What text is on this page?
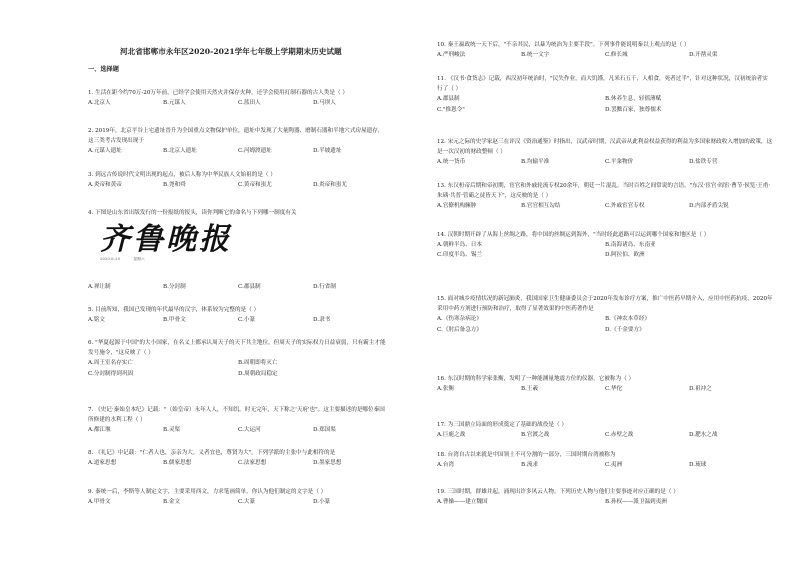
河北省邯郸市永年区2020-2021学年七年级上学期期末历史试题
一、选择题
1. 生活在距今约70万-20万年前，已经学会使用天然火并保存火种，还学会使用打制石器的古人类是（ ）
A.北京人	B.元谋人	C.蓝田人	D.马坝人
2. 2019年，北京平谷上宅遗址晋升为全国重点文物保护单位，遗址中发现了大量陶器、磨制石器和半地穴式房屋遗存，这三类考古发现出现于
A.元谋人遗址	B.北京人遗址	C.河姆渡遗址	D.半坡遗址
3. 到远古传说时代文明出现的起点，被后人称为中华民族人文始祖的是（ ）
A.炎帝和黄帝	B.尧和舜	C.黄帝和蚩尤	D.炎帝和蚩尤
4. 下图是山东省出版发行的一份报纸的报头，读你判断它的命名与下列哪一制度有关
A.禅让制	B.分封制	C.郡县制	D.行省制
5. 目前所知，我国已发现的年代最早的汉字，体系较为完整的是（ ）
A.铭文	B.甲骨文	C.小篆	D.隶书
6. "华夏起源于中国"的大小国家，在名义上都承认周天子的天下共主地位，但周天子的实际权力日益衰弱，只有霸主才能发号施令，"这反映了（ ）
A.周王室名存实亡	B.周朝即将灭亡
C.分封制得到巩固	D.周朝政局稳定
7. 《史记·秦始皇本纪》记载："（始皇帝）永年人人，不知饥。时无完年，天下称之'天府'也"。这主要描述的是哪位秦国所修建的水利工程（ ）
A.都江堰	B.灵渠	C.大运河	D.郑国渠
8. 《礼记》中记载："仁者人也，亲亲为大。义者宜也，尊贤为大"。下列学派的主张中与此相符的是
A.道家思想	B.儒家思想	C.法家思想	D.墨家思想
9. 秦统一后，李斯等人制定文字，主要采用西文，力求笔画简单，你认为他们制定的文字是（ ）
A.甲骨文	B.金文	C.大篆	D.小篆
10. 秦王嬴政统一天下后，"不亲其民，以暴为统治为主要手段"。下列事件能说明秦以上观点的是（ ）
A.严刑峻法	B.统一文字	C.修长城	D.开凿灵渠
11. 《汉书·食货志》记载，西汉初年统治时，"民失作业，而大饥馑，凡米石五千，人相食，死者过半"，针对这种状况，汉初统治者实行了（ ）
A.郡县制	B.休养生息，轻徭薄赋
C."推恩令"	D.罢黜百家，独尊儒术
12. 宋元之际的史学家赵三在评汉《资治通鉴》时指出，汉武帝时期，汉武帝从此利益权益获得的利益为多国家财政收入增加的政策，这是一次汉初的财政整顿（ ）
A.统一货币	B.均输平准	C.平籴物价	D.盐铁专营
13. 东汉桓帝后期和帝初期，宦官和外戚轮流专权20余年，朝廷一片混乱。当时百姓之间常说的言语，"东汉·宦官·阎宦·曹节·侯览·王甫·朱瑀·共普·管霸之徒皆天下"，这反映的是（ ）
A.官僚机构臃肿	B.官官相互勾结	C.外戚宦官专权	D.内部矛盾尖锐
14. 汉朝时期开辟了从海上丝绸之路，将中国的丝绸运到海外，"当时经此道路可以运到哪个国家和地区是（ ）
A.朝鲜半岛、日本	B.南海诸岛、东南亚
C.印度半岛、锡兰	D.阿拉伯、欧洲
15. 面对城乡疫情状况的新冠肺炎，我国国家卫生健康委员会于2020年发布诊疗方案，推广中医药早期介入，应用中医药抗疫，2020年采用中药方剂进行预防和治疗，取得了显著效果的中医药著作是
A.《伤寒杂病论》	B.《神农本草经》
C.《肘后备急方》	D.《千金要方》
16. 东汉时期的科学家张衡，发明了一种能测量地震方位的仪器，它被称为（ ）
A.张衡	B.王羲	C.华佗	D.祖冲之
17. 为三国鼎立局面的形成奠定了基础的战役是（ ）
A.巨鹿之战	B.官渡之战	C.赤壁之战	D.淝水之战
18. 台湾自古以来就是中国领土不可分割的一部分，三国时期台湾被称为
A.台湾	B.流求	C.夷洲	D.琉球
19. 三国时期，群雄并起，涌现出许多风云人物。下列历史人物与他们主要事迹对应正确的是（ ）
A.曹操——建立魏国	B.孙权——派卫温到夷洲
齐鲁晚报
2020.6.20	星期六
